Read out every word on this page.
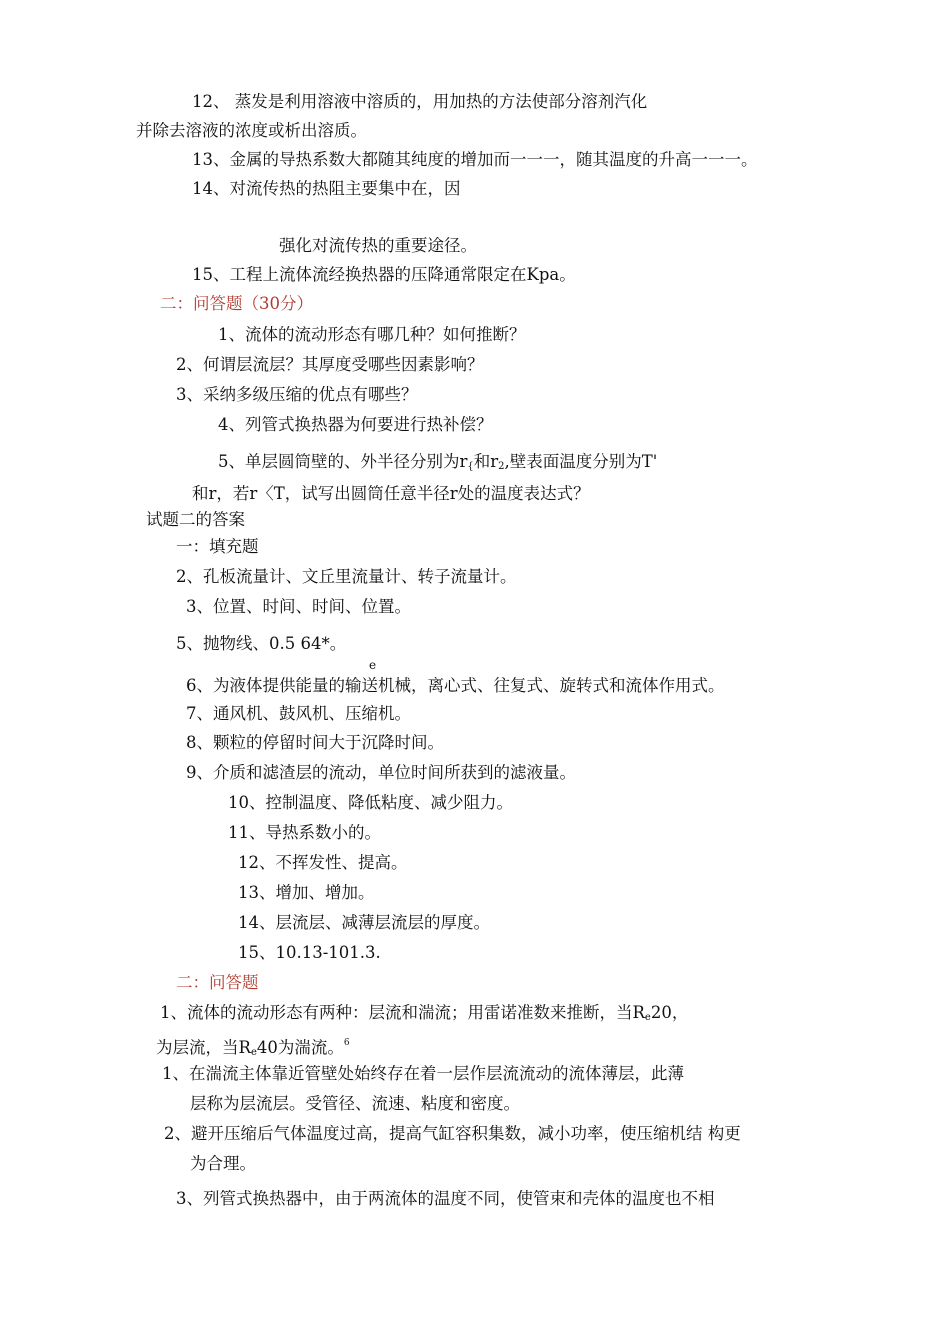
12、 蒸发是利用溶液中溶质的，用加热的方法使部分溶剂汽化
并除去溶液的浓度或析出溶质。
13、金属的导热系数大都随其纯度的增加而一一一，随其温度的升高一一一。
14、对流传热的热阻主要集中在，因
强化对流传热的重要途径。
15、工程上流体流经换热器的压降通常限定在Kpa。
二：问答题（30分）
1、流体的流动形态有哪几种？如何推断？
2、何谓层流层？其厚度受哪些因素影响？
3、采纳多级压缩的优点有哪些？
4、列管式换热器为何要进行热补偿？
5、单层圆筒壁的、外半径分别为$r_{\{}$和$r_2$,壁表面温度分别为T'
和r，若r〈T，试写出圆筒任意半径r处的温度表达式？
试题二的答案
一：填充题
2、孔板流量计、文丘里流量计、转子流量计。
3、位置、时间、时间、位置。
5、抛物线、0.5 64*。
e
6、为液体提供能量的输送机械，离心式、往复式、旋转式和流体作用式。
7、通风机、鼓风机、压缩机。
8、颗粒的停留时间大于沉降时间。
9、介质和滤渣层的流动，单位时间所获到的滤液量。
10、控制温度、降低粘度、减少阻力。
11、导热系数小的。
12、不挥发性、提高。
13、增加、增加。
14、层流层、减薄层流层的厚度。
15、10.13-101.3.
二：问答题
1、流体的流动形态有两种：层流和湍流；用雷诺准数来推断，当$R_e20$，
为层流，当$R_e40$为湍流。$^6$
1、在湍流主体靠近管壁处始终存在着一层作层流流动的流体薄层，此薄
层称为层流层。受管径、流速、粘度和密度。
2、避开压缩后气体温度过高，提高气缸容积集数，减小功率，使压缩机结 构更
为合理。
3、列管式换热器中，由于两流体的温度不同，使管束和壳体的温度也不相
